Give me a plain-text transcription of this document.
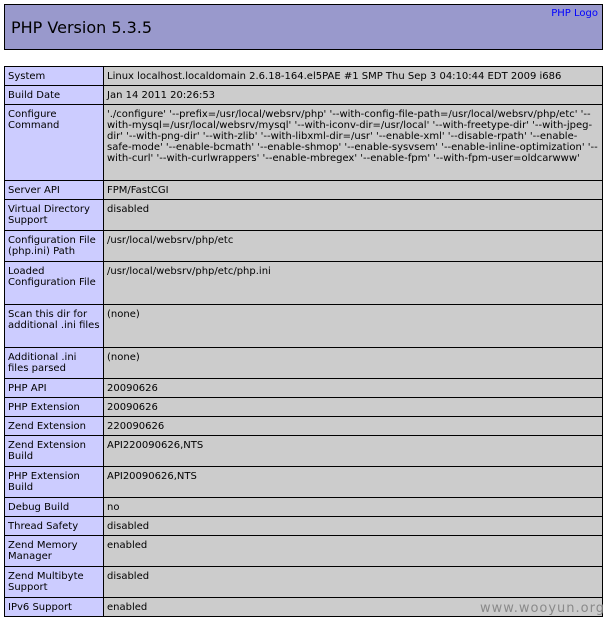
PHP Version 5.3.5
PHP Logo
System	Linux localhost.localdomain 2.6.18-164.el5PAE #1 SMP Thu Sep 3 04:10:44 EDT 2009 i686
Build Date	Jan 14 2011 20:26:53
Configure Command	'./configure' '--prefix=/usr/local/websrv/php' '--with-config-file-path=/usr/local/websrv/php/etc' '--with-mysql=/usr/local/websrv/mysql' '--with-iconv-dir=/usr/local' '--with-freetype-dir' '--with-jpeg-dir' '--with-png-dir' '--with-zlib' '--with-libxml-dir=/usr' '--enable-xml' '--disable-rpath' '--enable-safe-mode' '--enable-bcmath' '--enable-shmop' '--enable-sysvsem' '--enable-inline-optimization' '--with-curl' '--with-curlwrappers' '--enable-mbregex' '--enable-fpm' '--with-fpm-user=oldcarwww'
Server API	FPM/FastCGI
Virtual Directory Support	disabled
Configuration File (php.ini) Path	/usr/local/websrv/php/etc
Loaded Configuration File	/usr/local/websrv/php/etc/php.ini
Scan this dir for additional .ini files	(none)
Additional .ini files parsed	(none)
PHP API	20090626
PHP Extension	20090626
Zend Extension	220090626
Zend Extension Build	API220090626,NTS
PHP Extension Build	API20090626,NTS
Debug Build	no
Thread Safety	disabled
Zend Memory Manager	enabled
Zend Multibyte Support	disabled
IPv6 Support	enabled	www.wooyun.org
